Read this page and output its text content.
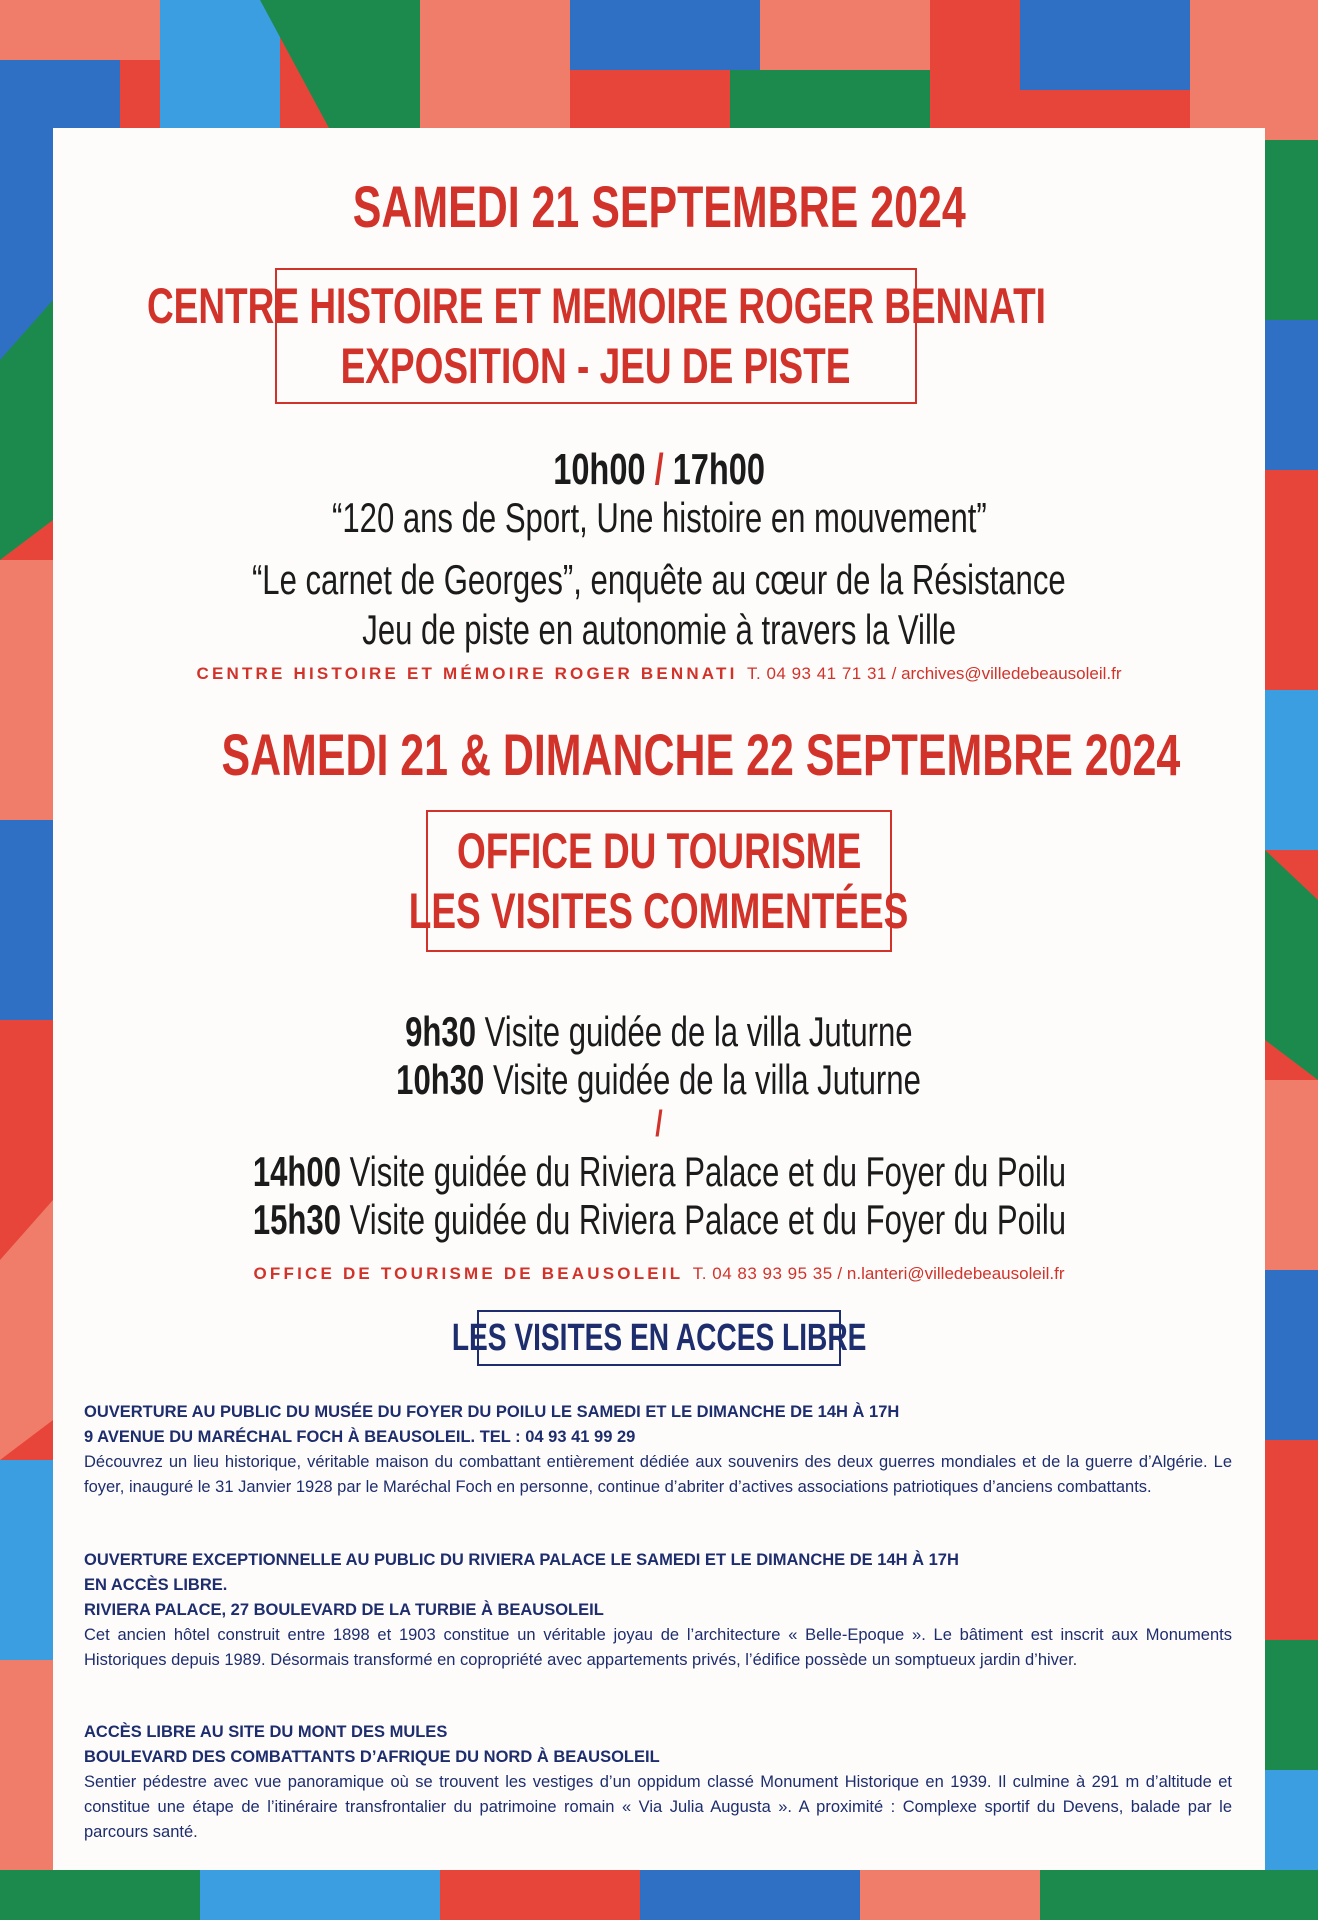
SAMEDI 21 SEPTEMBRE 2024
CENTRE HISTOIRE ET MEMOIRE ROGER BENNATI
EXPOSITION - JEU DE PISTE
10h00 / 17h00
“120 ans de Sport, Une histoire en mouvement”
“Le carnet de Georges”, enquête au cœur de la Résistance
Jeu de piste en autonomie à travers la Ville
CENTRE HISTOIRE ET MÉMOIRE ROGER BENNATI T. 04 93 41 71 31 / archives@villedebeausoleil.fr
SAMEDI 21 & DIMANCHE 22 SEPTEMBRE 2024
OFFICE DU TOURISME
LES VISITES COMMENTÉES
9h30 Visite guidée de la villa Juturne
10h30 Visite guidée de la villa Juturne
/
14h00 Visite guidée du Riviera Palace et du Foyer du Poilu
15h30 Visite guidée du Riviera Palace et du Foyer du Poilu
OFFICE DE TOURISME DE BEAUSOLEIL T. 04 83 93 95 35 / n.lanteri@villedebeausoleil.fr
LES VISITES EN ACCES LIBRE

OUVERTURE AU PUBLIC DU MUSÉE DU FOYER DU POILU LE SAMEDI ET LE DIMANCHE DE 14H À 17H

9 AVENUE DU MARÉCHAL FOCH À BEAUSOLEIL. TEL : 04 93 41 99 29

Découvrez un lieu historique, véritable maison du combattant entièrement dédiée aux souvenirs des deux guerres mondiales et de la guerre d’Algérie. Le foyer, inauguré le 31 Janvier 1928 par le Maréchal Foch en personne, continue d’abriter d’actives associations patriotiques d’anciens combattants.

OUVERTURE EXCEPTIONNELLE AU PUBLIC DU RIVIERA PALACE LE SAMEDI ET LE DIMANCHE DE 14H À 17H

EN ACCÈS LIBRE.

RIVIERA PALACE, 27 BOULEVARD DE LA TURBIE À BEAUSOLEIL

Cet ancien hôtel construit entre 1898 et 1903 constitue un véritable joyau de l’architecture « Belle-Epoque ». Le bâtiment est inscrit aux Monuments Historiques depuis 1989. Désormais transformé en copropriété avec appartements privés, l’édifice possède un somptueux jardin d’hiver.

ACCÈS LIBRE AU SITE DU MONT DES MULES

BOULEVARD DES COMBATTANTS D’AFRIQUE DU NORD À BEAUSOLEIL

Sentier pédestre avec vue panoramique où se trouvent les vestiges d’un oppidum classé Monument Historique en 1939. Il culmine à 291 m d’altitude et constitue une étape de l’itinéraire transfrontalier du patrimoine romain « Via Julia Augusta ». A proximité : Complexe sportif du Devens, balade par le parcours santé.
